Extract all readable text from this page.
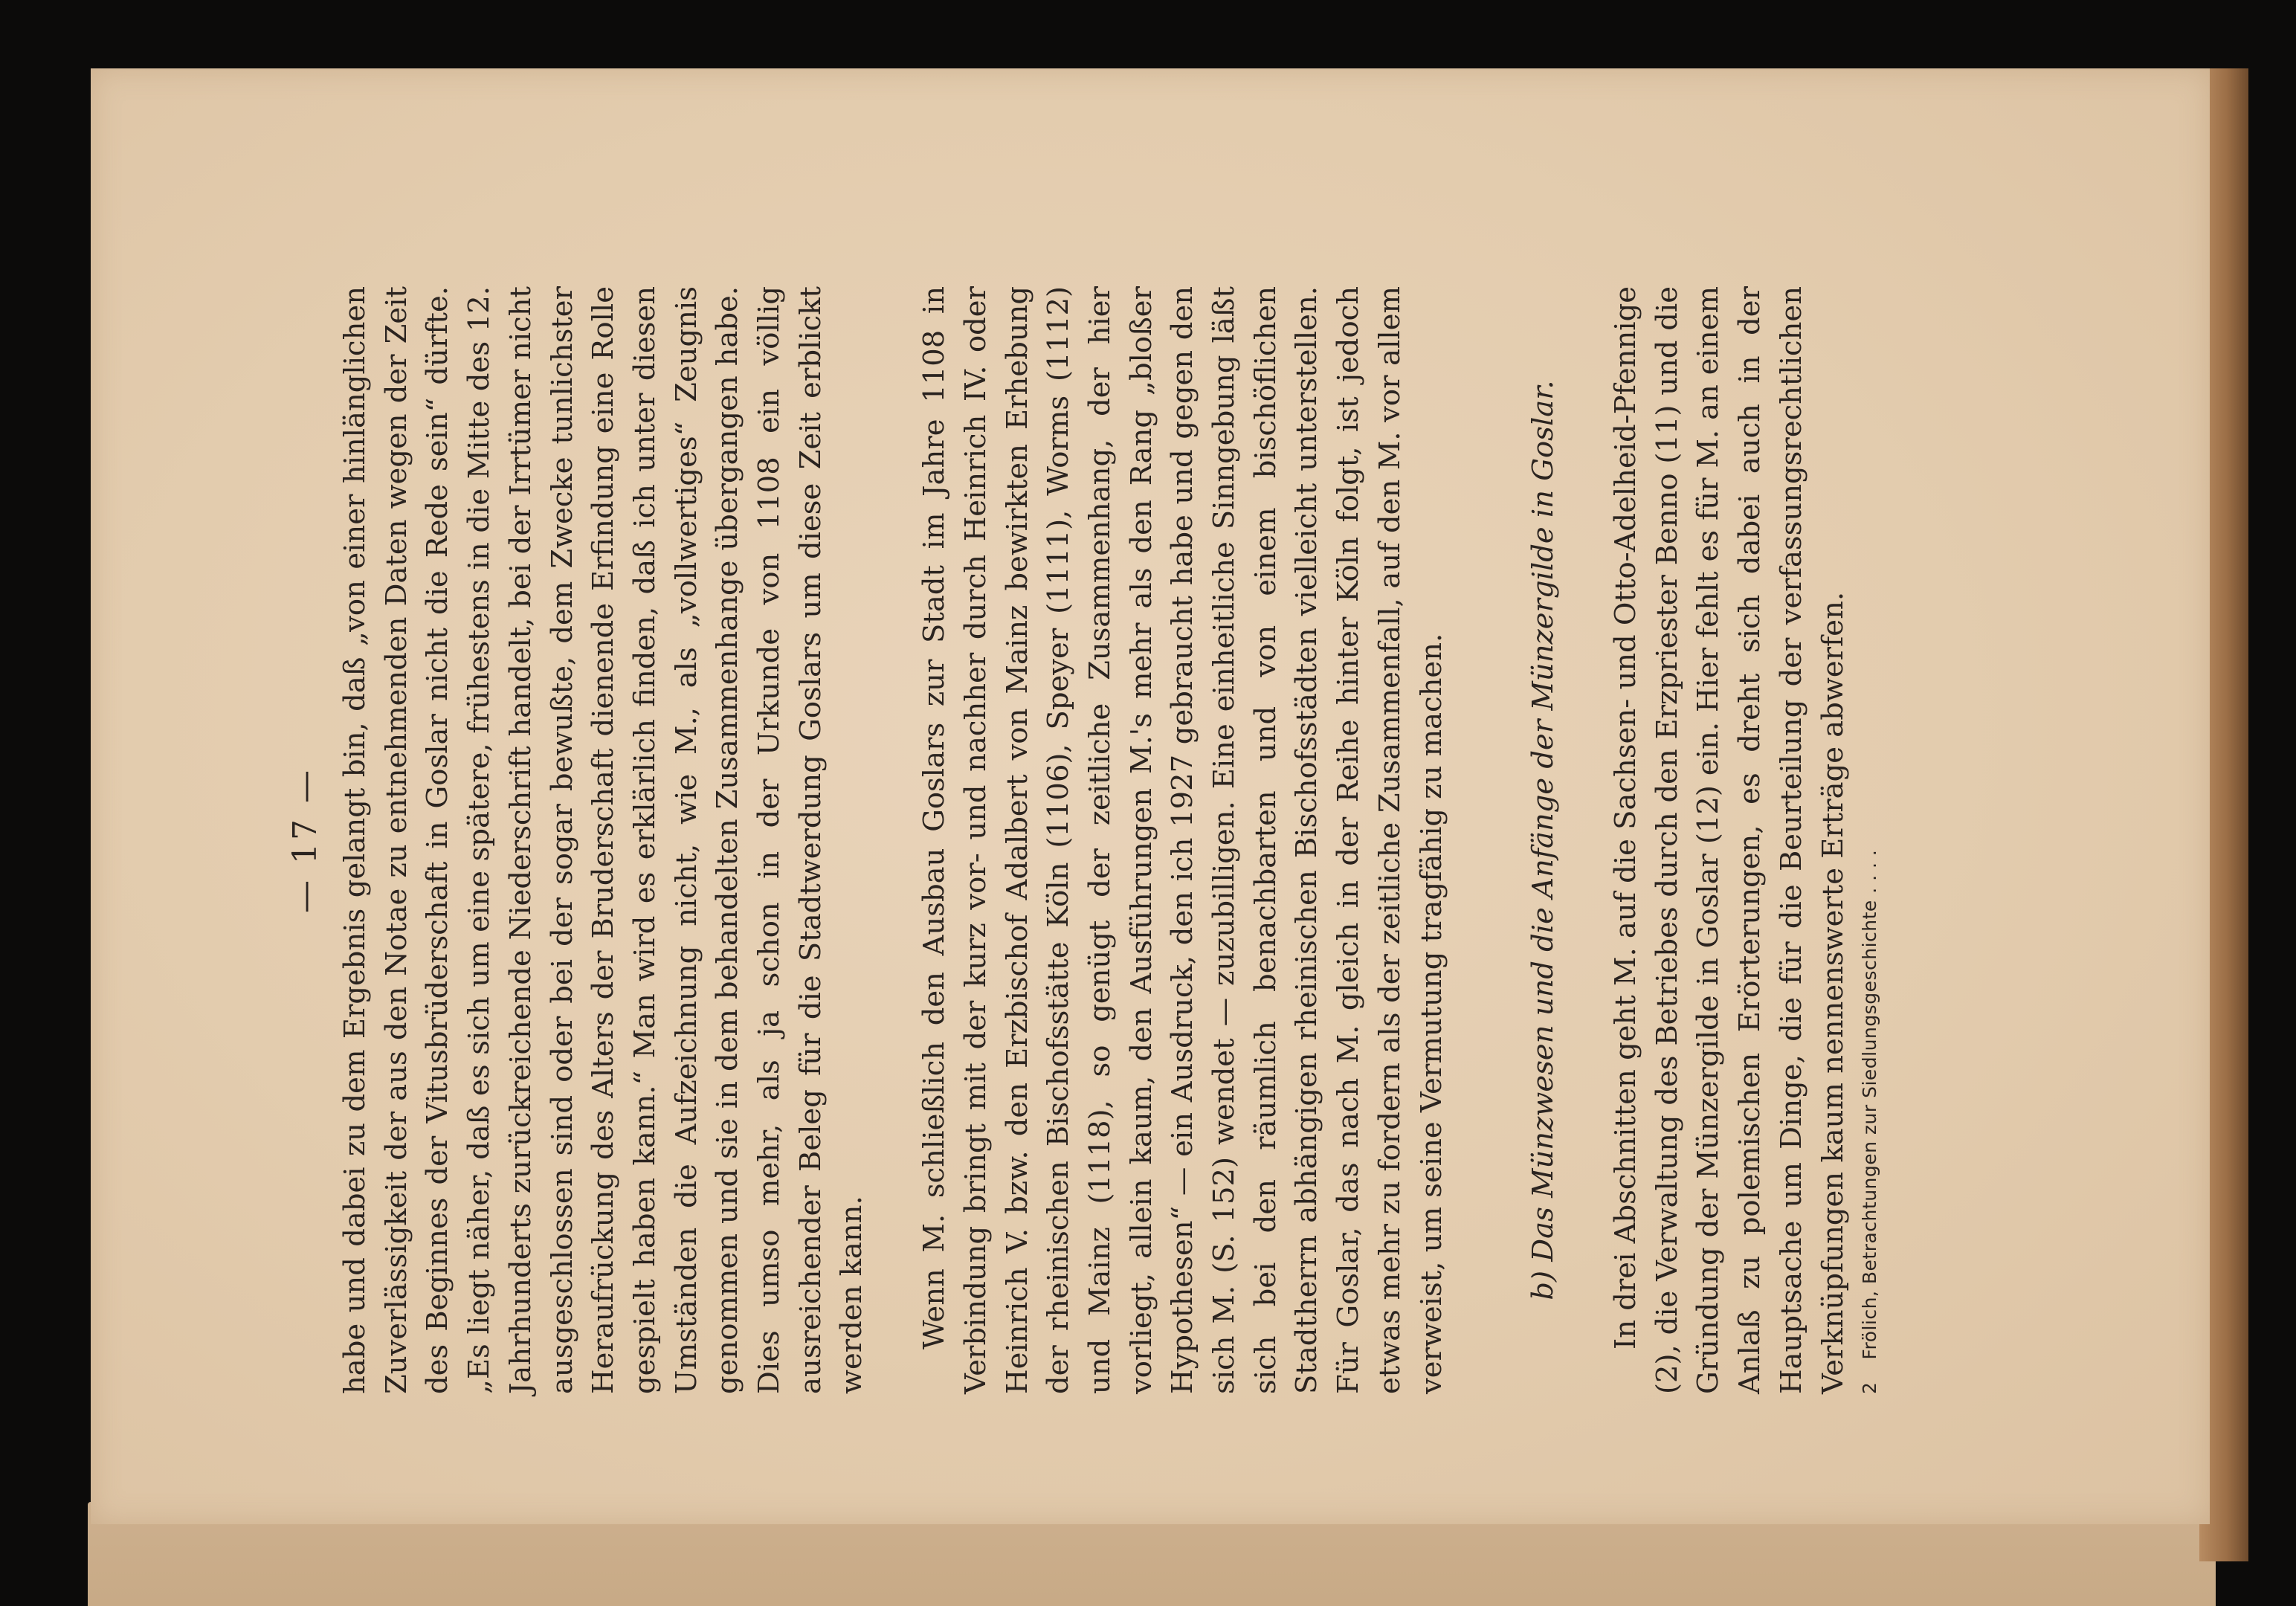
— 17 — habe und dabei zu dem Ergebnis gelangt bin, daß „von einer hinlänglichen Zuverlässigkeit der aus den Notae zu entnehmenden Daten wegen der Zeit des Beginnes der Vitusbrüderschaft in Goslar nicht die Rede sein“ dürfte. „Es liegt näher, daß es sich um eine spätere, frühestens in die Mitte des 12. Jahrhunderts zurückreichende Niederschrift handelt, bei der Irrtümer nicht ausgeschlossen sind oder bei der sogar bewußte, dem Zwecke tunlichster Heraufrückung des Alters der Bruderschaft dienende Erfindung eine Rolle gespielt haben kann.“ Man wird es erklärlich finden, daß ich unter diesen Umständen die Aufzeichnung nicht, wie M., als „vollwertiges“ Zeugnis genommen und sie in dem behandelten Zusammenhange übergangen habe. Dies umso mehr, als ja schon in der Urkunde von 1108 ein völlig ausreichender Beleg für die Stadtwerdung Goslars um diese Zeit erblickt werden kann. Wenn M. schließlich den Ausbau Goslars zur Stadt im Jahre 1108 in Verbindung bringt mit der kurz vor- und nachher durch Heinrich IV. oder Heinrich V. bzw. den Erzbischof Adalbert von Mainz bewirkten Erhebung der rheinischen Bischofsstätte Köln (1106), Speyer (1111), Worms (1112) und Mainz (1118), so genügt der zeitliche Zusammenhang, der hier vorliegt, allein kaum, den Ausführungen M.'s mehr als den Rang „bloßer Hypothesen“ — ein Ausdruck, den ich 1927 gebraucht habe und gegen den sich M. (S. 152) wendet — zuzubilligen. Eine einheitliche Sinngebung läßt sich bei den räumlich benachbarten und von einem bischöflichen Stadtherrn abhängigen rheinischen Bischofsstädten vielleicht unterstellen. Für Goslar, das nach M. gleich in der Reihe hinter Köln folgt, ist jedoch etwas mehr zu fordern als der zeitliche Zusammenfall, auf den M. vor allem verweist, um seine Vermutung tragfähig zu machen.	b) Das Münzwesen und die Anfänge der Münzergilde in Goslar. In drei Abschnitten geht M. auf die Sachsen- und Otto-Adelheid-Pfennige (2), die Verwaltung des Betriebes durch den Erzpriester Benno (11) und die Gründung der Münzergilde in Goslar (12) ein. Hier fehlt es für M. an einem Anlaß zu polemischen Erörterungen, es dreht sich dabei auch in der Hauptsache um Dinge, die für die Beurteilung der verfassungsrechtlichen Verknüpfungen kaum nennenswerte Erträge abwerfen. 2Frölich, Betrachtungen zur Siedlungsgeschichte . . . .
